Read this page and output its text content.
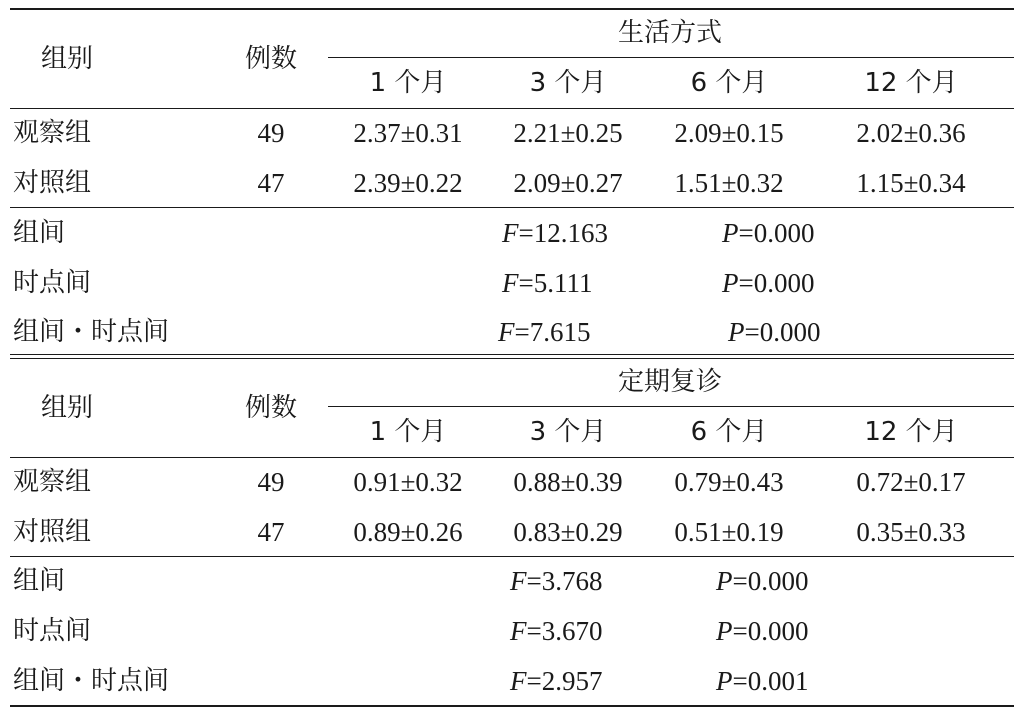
组别	例数
生活方式
1 个月	3 个月	6 个月	12 个月
观察组	49	2.37±0.31 2.21±0.25 2.09±0.15	2.02±0.36
对照组	47	2.39±0.22 2.09±0.27 1.51±0.32	1.15±0.34
组间	F=12.163	P=0.000
时点间	F=5.111	P=0.000
组间・时点间	F=7.615	P=0.000
组别	例数
定期复诊
1 个月	3 个月	6 个月	12 个月
观察组	49	0.91±0.32 0.88±0.39 0.79±0.43	0.72±0.17
对照组	47	0.89±0.26 0.83±0.29 0.51±0.19	0.35±0.33
组间	F=3.768	P=0.000
时点间	F=3.670	P=0.000
组间・时点间	F=2.957	P=0.001
